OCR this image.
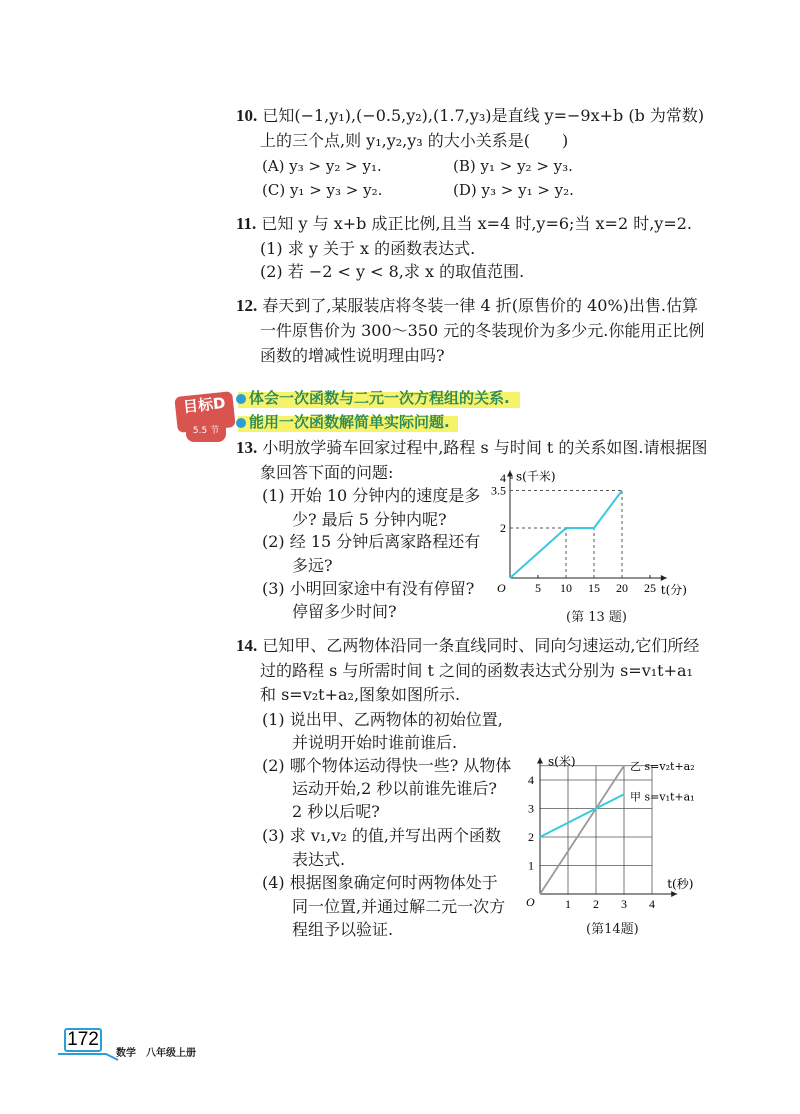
10. 已知(−1,y₁),(−0.5,y₂),(1.7,y₃)是直线 y=−9x+b (b 为常数)
上的三个点,则 y₁,y₂,y₃ 的大小关系是(　　)
(A) y₃ > y₂ > y₁.	(B) y₁ > y₂ > y₃.
(C) y₁ > y₃ > y₂.	(D) y₃ > y₁ > y₂.
11. 已知 y 与 x+b 成正比例,且当 x=4 时,y=6;当 x=2 时,y=2.
(1) 求 y 关于 x 的函数表达式.
(2) 若 −2 < y < 8,求 x 的取值范围.
12. 春天到了,某服装店将冬装一律 4 折(原售价的 40%)出售.估算
一件原售价为 300～350 元的冬装现价为多少元.你能用正比例
函数的增减性说明理由吗?
目标D
5.5 节
体会一次函数与二元一次方程组的关系.
能用一次函数解简单实际问题.
13. 小明放学骑车回家过程中,路程 s 与时间 t 的关系如图.请根据图
象回答下面的问题:
(1) 开始 10 分钟内的速度是多
少? 最后 5 分钟内呢?
(2) 经 15 分钟后离家路程还有
多远?
(3) 小明回家途中有没有停留?
停留多少时间?
O	t(分)
s(千米)
5 10 15 20 25
2
3.5
4
(第 13 题)
14. 已知甲、乙两物体沿同一条直线同时、同向匀速运动,它们所经
过的路程 s 与所需时间 t 之间的函数表达式分别为 s=v₁t+a₁
和 s=v₂t+a₂,图象如图所示.
(1) 说出甲、乙两物体的初始位置,
并说明开始时谁前谁后.
(2) 哪个物体运动得快一些? 从物体
运动开始,2 秒以前谁先谁后?
2 秒以后呢?
(3) 求 v₁,v₂ 的值,并写出两个函数
表达式.
(4) 根据图象确定何时两物体处于
同一位置,并通过解二元一次方
程组予以验证.
O
t(秒)
s(米)
1 2 3 4
1
2
3
4
乙 s=v₂t+a₂
甲 s=v₁t+a₁
(第14题)
172
数学　八年级上册
